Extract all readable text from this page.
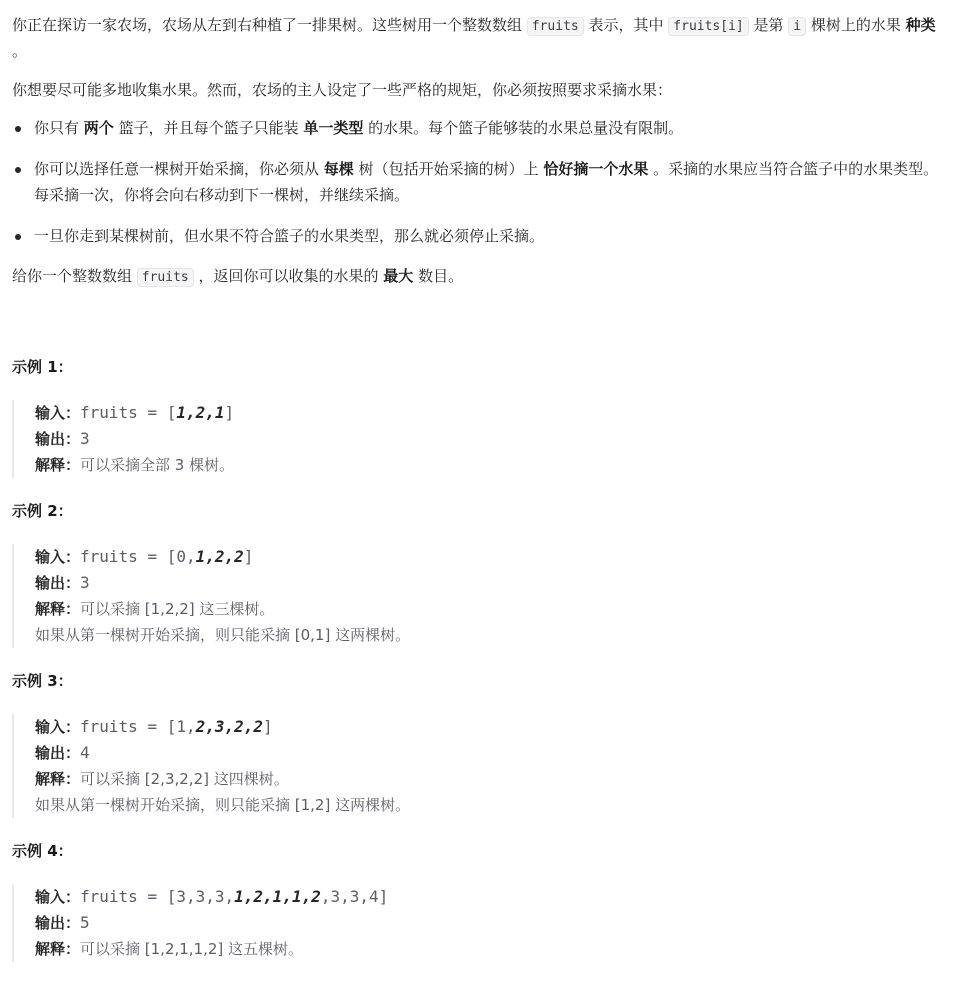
你正在探访一家农场，农场从左到右种植了一排果树。这些树用一个整数数组 fruits 表示，其中 fruits[i] 是第 i 棵树上的水果 种类 。

你想要尽可能多地收集水果。然而，农场的主人设定了一些严格的规矩，你必须按照要求采摘水果：

你只有 两个 篮子，并且每个篮子只能装 单一类型 的水果。每个篮子能够装的水果总量没有限制。
你可以选择任意一棵树开始采摘，你必须从 每棵 树（包括开始采摘的树）上 恰好摘一个水果 。采摘的水果应当符合篮子中的水果类型。每采摘一次，你将会向右移动到下一棵树，并继续采摘。
一旦你走到某棵树前，但水果不符合篮子的水果类型，那么就必须停止采摘。

给你一个整数数组 fruits ，返回你可以收集的水果的 最大 数目。

示例 1：

输入：fruits = [1,2,1]
输出：3
解释：可以采摘全部 3 棵树。

示例 2：

输入：fruits = [0,1,2,2]
输出：3
解释：可以采摘 [1,2,2] 这三棵树。
如果从第一棵树开始采摘，则只能采摘 [0,1] 这两棵树。

示例 3：

输入：fruits = [1,2,3,2,2]
输出：4
解释：可以采摘 [2,3,2,2] 这四棵树。
如果从第一棵树开始采摘，则只能采摘 [1,2] 这两棵树。

示例 4：

输入：fruits = [3,3,3,1,2,1,1,2,3,3,4]
输出：5
解释：可以采摘 [1,2,1,1,2] 这五棵树。
